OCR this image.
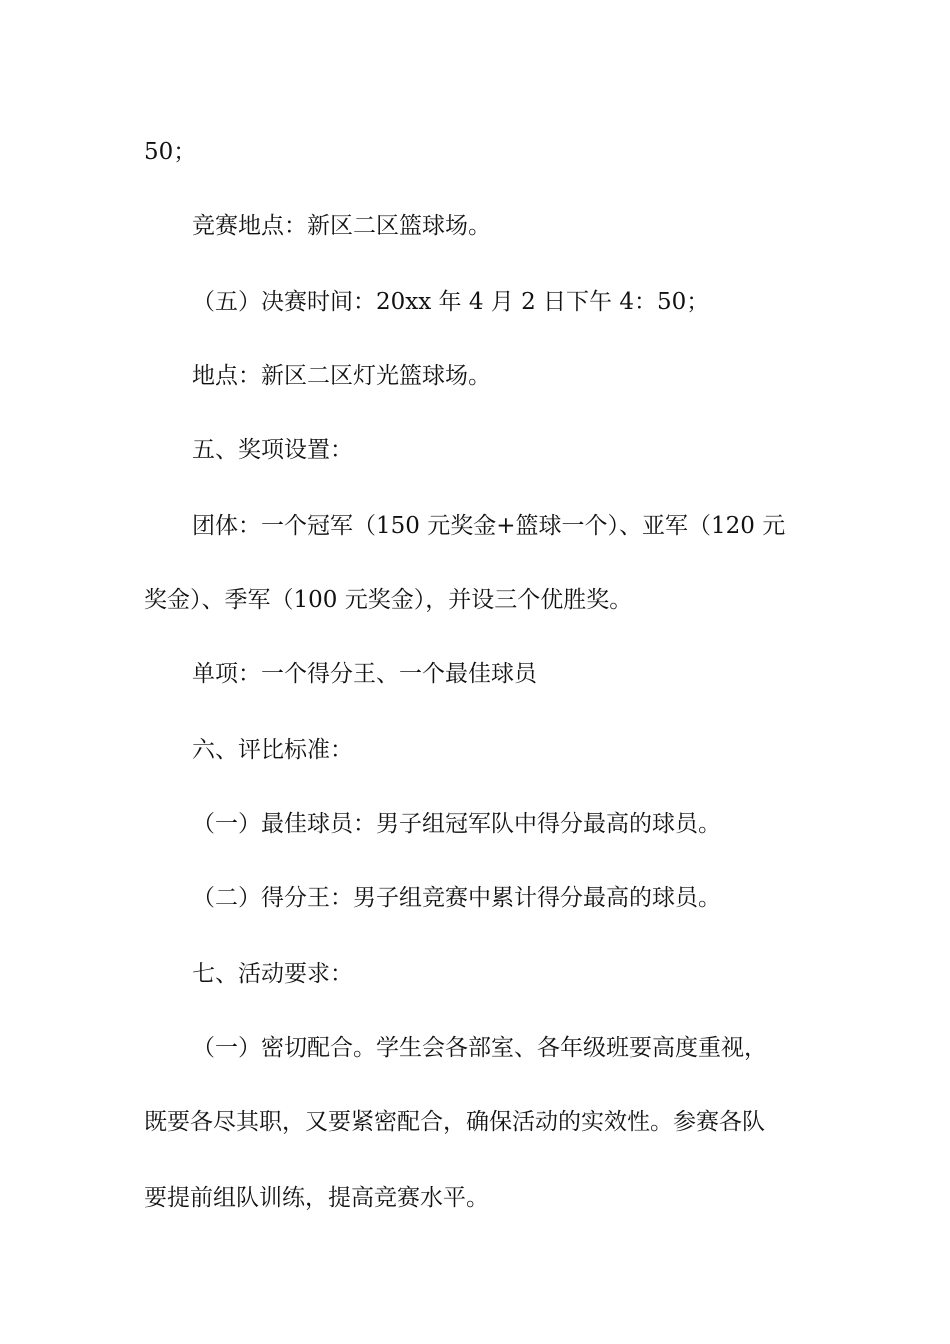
50；
竞赛地点：新区二区篮球场。
（五）决赛时间：20xx 年 4 月 2 日下午 4：50；
地点：新区二区灯光篮球场。
五、奖项设置：
团体：一个冠军（150 元奖金+篮球一个）、亚军（120 元
奖金）、季军（100 元奖金），并设三个优胜奖。
单项：一个得分王、一个最佳球员
六、评比标准：
（一）最佳球员：男子组冠军队中得分最高的球员。
（二）得分王：男子组竞赛中累计得分最高的球员。
七、活动要求：
（一）密切配合。学生会各部室、各年级班要高度重视，
既要各尽其职，又要紧密配合，确保活动的实效性。参赛各队
要提前组队训练，提高竞赛水平。
